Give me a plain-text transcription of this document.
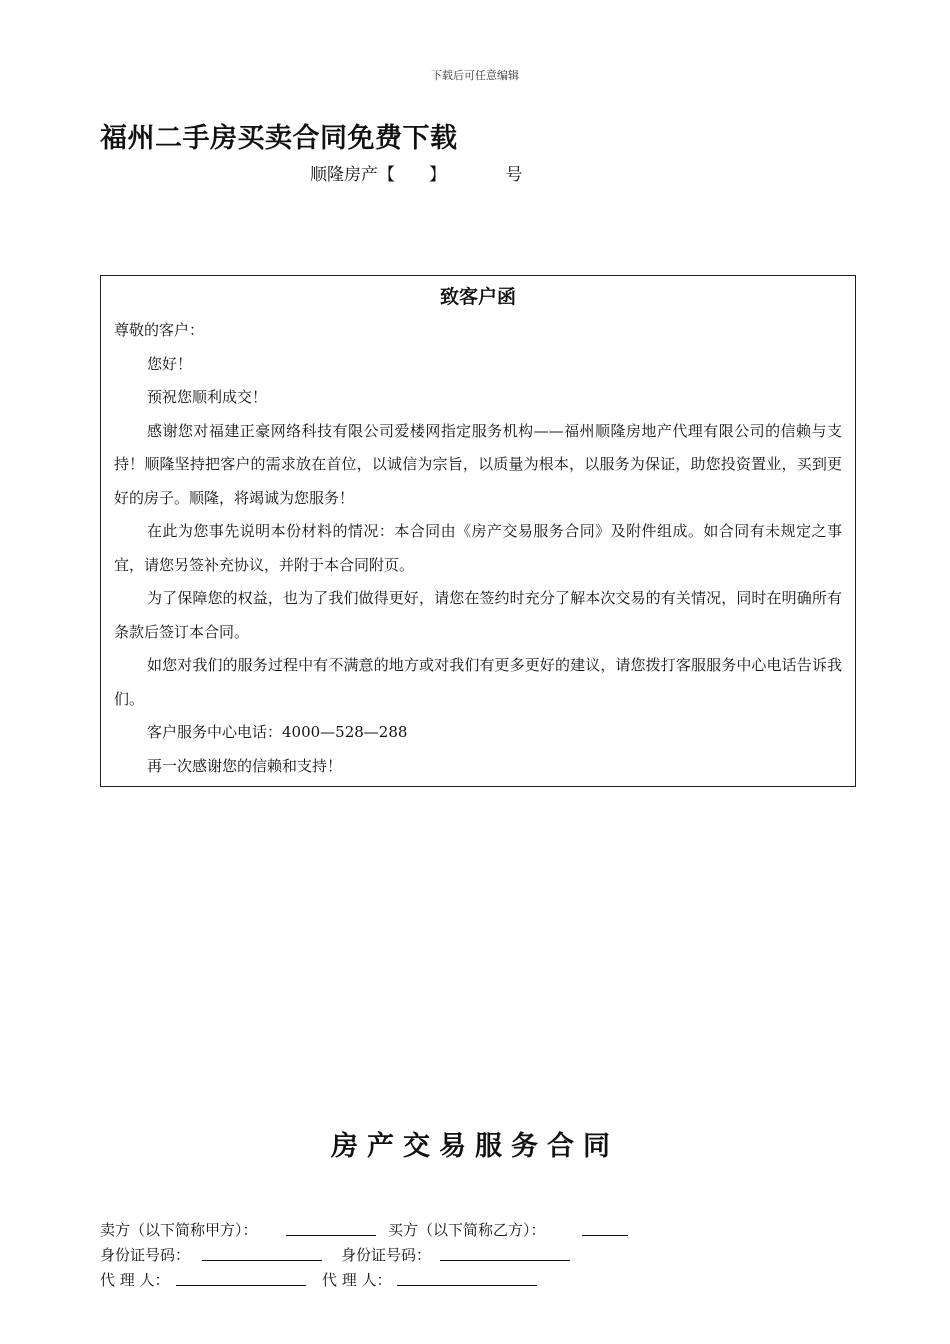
下载后可任意编辑
福州二手房买卖合同免费下载
顺隆房产【　　】　　　　号
致客户函

尊敬的客户：

您好！

预祝您顺利成交！

感谢您对福建正豪网络科技有限公司爱楼网指定服务机构——福州顺隆房地产代理有限公司的信赖与支持！顺隆坚持把客户的需求放在首位，以诚信为宗旨，以质量为根本，以服务为保证，助您投资置业，买到更好的房子。顺隆，将竭诚为您服务！

在此为您事先说明本份材料的情况：本合同由《房产交易服务合同》及附件组成。如合同有未规定之事宜，请您另签补充协议，并附于本合同附页。

为了保障您的权益，也为了我们做得更好，请您在签约时充分了解本次交易的有关情况，同时在明确所有条款后签订本合同。

如您对我们的服务过程中有不满意的地方或对我们有更多更好的建议，请您拨打客服服务中心电话告诉我们。

客户服务中心电话：4000—528—288

再一次感谢您的信赖和支持！

房产交易服务合同
卖方（以下简称甲方）：	买方（以下简称乙方）：
身份证号码：	身份证号码：
代 理 人：	代 理 人：
